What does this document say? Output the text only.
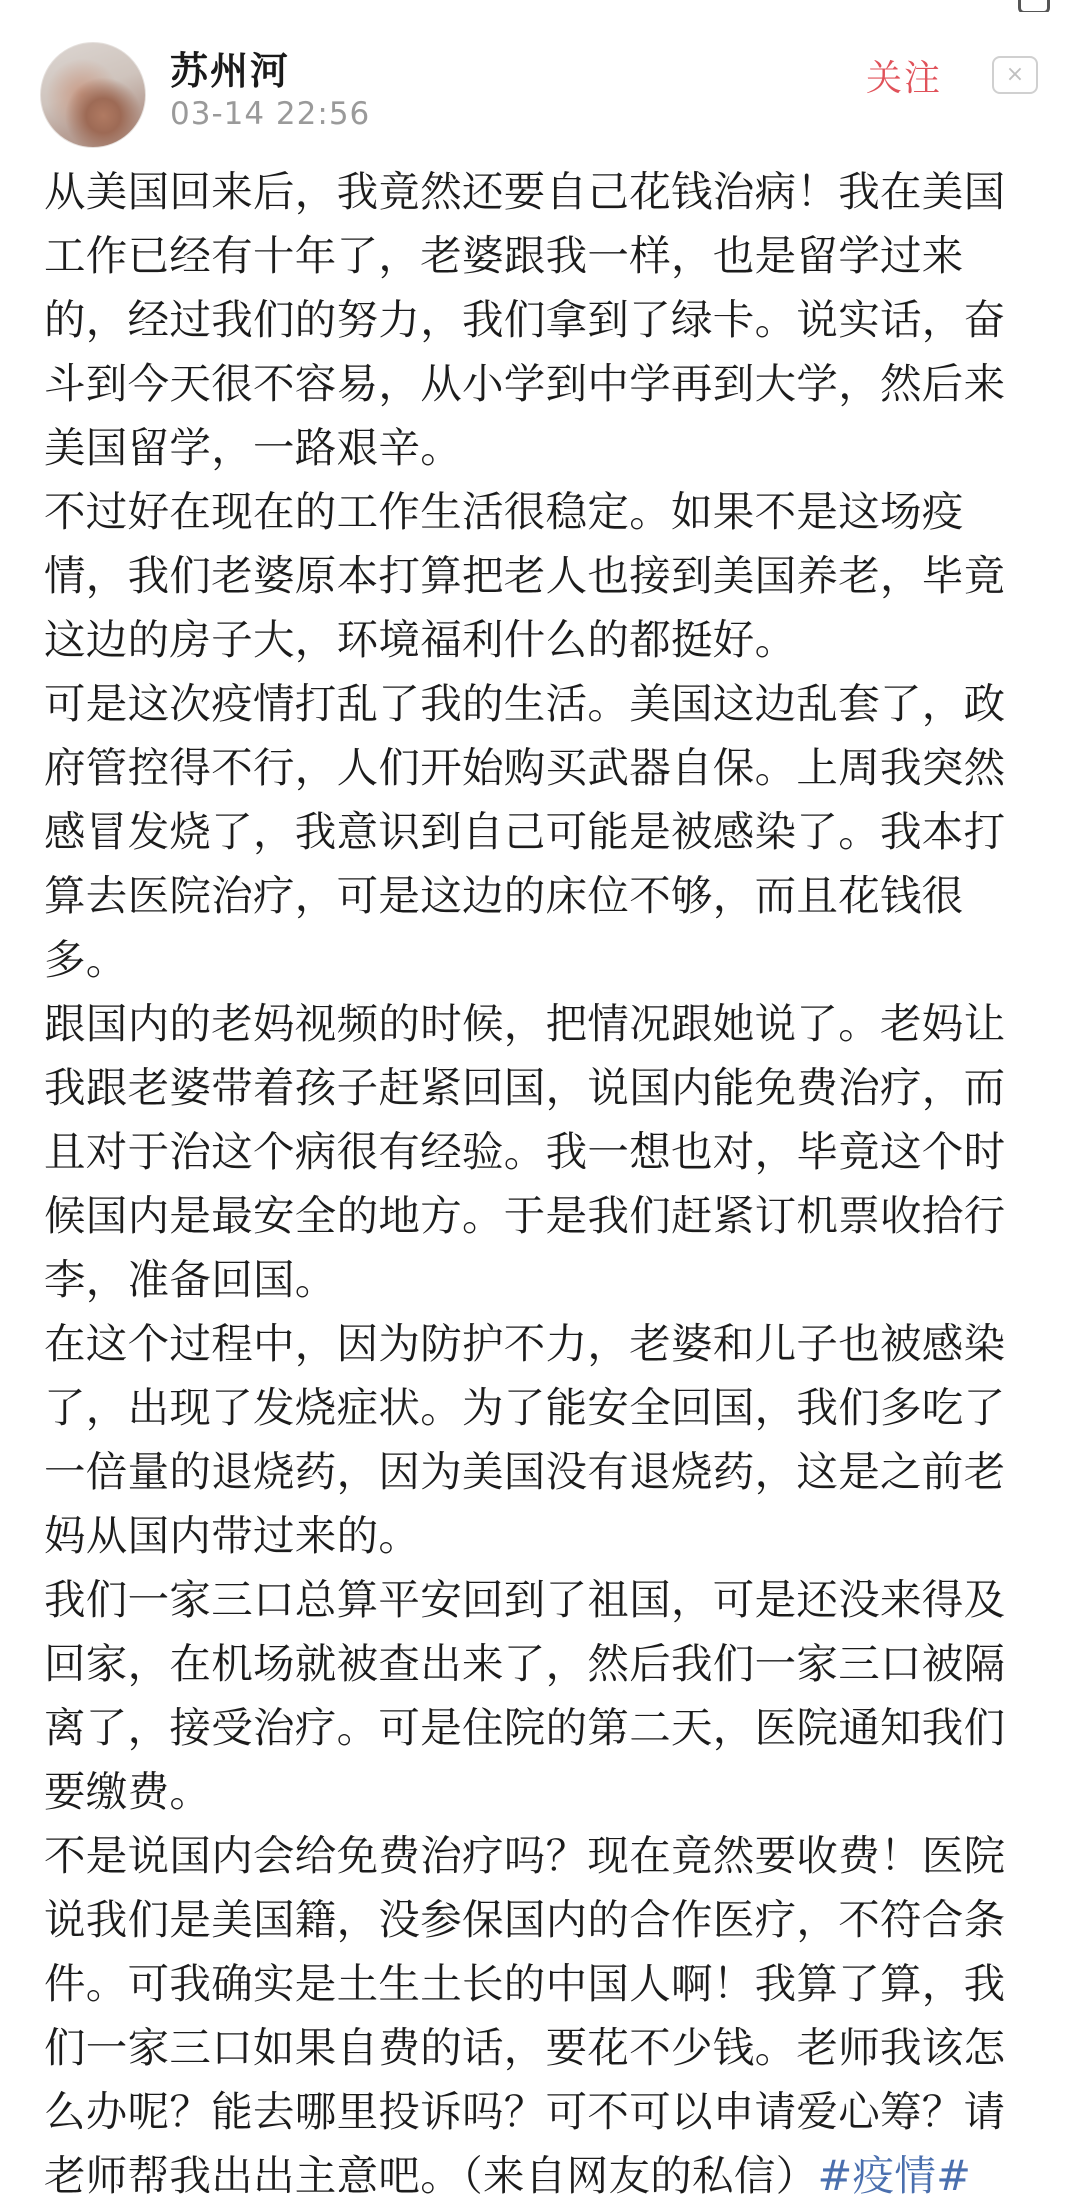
苏州河
03-14 22:56
关注	×

从美国回来后，我竟然还要自己花钱治病！我在美国工作已经有十年了，老婆跟我一样，也是留学过来的，经过我们的努力，我们拿到了绿卡。说实话，奋斗到今天很不容易，从小学到中学再到大学，然后来美国留学，一路艰辛。

不过好在现在的工作生活很稳定。如果不是这场疫情，我们老婆原本打算把老人也接到美国养老，毕竟这边的房子大，环境福利什么的都挺好。

可是这次疫情打乱了我的生活。美国这边乱套了，政府管控得不行，人们开始购买武器自保。上周我突然感冒发烧了，我意识到自己可能是被感染了。我本打算去医院治疗，可是这边的床位不够，而且花钱很多。

跟国内的老妈视频的时候，把情况跟她说了。老妈让我跟老婆带着孩子赶紧回国，说国内能免费治疗，而且对于治这个病很有经验。我一想也对，毕竟这个时候国内是最安全的地方。于是我们赶紧订机票收拾行李，准备回国。

在这个过程中，因为防护不力，老婆和儿子也被感染了，出现了发烧症状。为了能安全回国，我们多吃了一倍量的退烧药，因为美国没有退烧药，这是之前老妈从国内带过来的。

我们一家三口总算平安回到了祖国，可是还没来得及回家，在机场就被查出来了，然后我们一家三口被隔离了，接受治疗。可是住院的第二天，医院通知我们要缴费。

不是说国内会给免费治疗吗？现在竟然要收费！医院说我们是美国籍，没参保国内的合作医疗，不符合条件。可我确实是土生土长的中国人啊！我算了算，我们一家三口如果自费的话，要花不少钱。老师我该怎么办呢？能去哪里投诉吗？可不可以申请爱心筹？请老师帮我出出主意吧。（来自网友的私信）#疫情#
